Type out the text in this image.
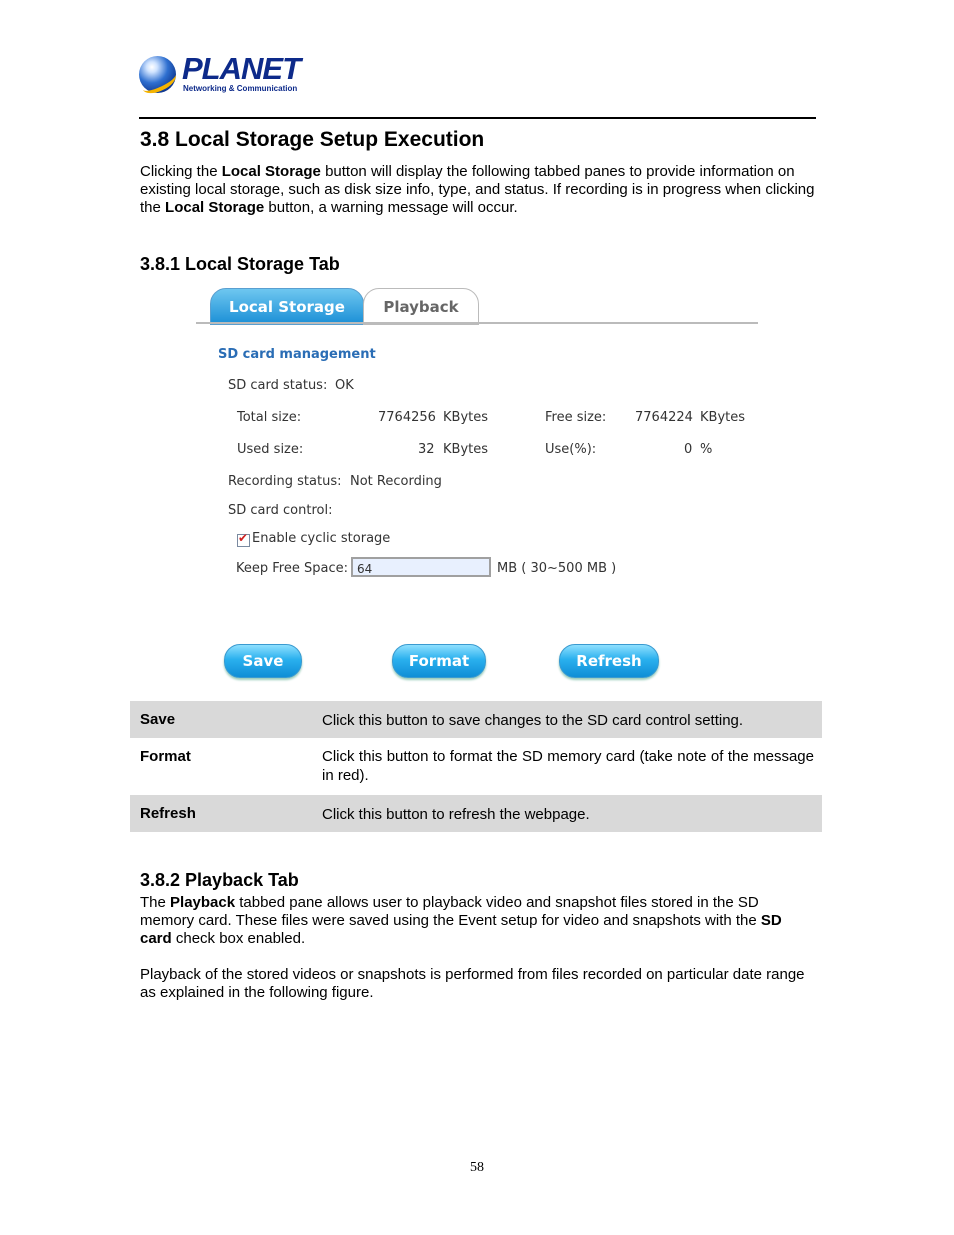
PLANET
Networking & Communication
3.8 Local Storage Setup Execution
Clicking the Local Storage button will display the following tabbed panes to provide information on existing local storage, such as disk size info, type, and status. If recording is in progress when clicking the Local Storage button, a warning message will occur.
3.8.1 Local Storage Tab
Local Storage	Playback
SD card management
SD card status: OK
Total size:	7764256 KBytes	Free size: 7764224 KBytes
Used size:	32 KBytes	Use(%):	0 %
Recording status: Not Recording
SD card control:
✔
Enable cyclic storage
Keep Free Space: 64	MB ( 30~500 MB )
Save	Format	Refresh
Save	Click this button to save changes to the SD card control setting.
Format	Click this button to format the SD memory card (take note of the message in red).
Refresh	Click this button to refresh the webpage.
3.8.2 Playback Tab
The Playback tabbed pane allows user to playback video and snapshot files stored in the SD memory card. These files were saved using the Event setup for video and snapshots with the SD card check box enabled.
Playback of the stored videos or snapshots is performed from files recorded on particular date range as explained in the following figure.
58
